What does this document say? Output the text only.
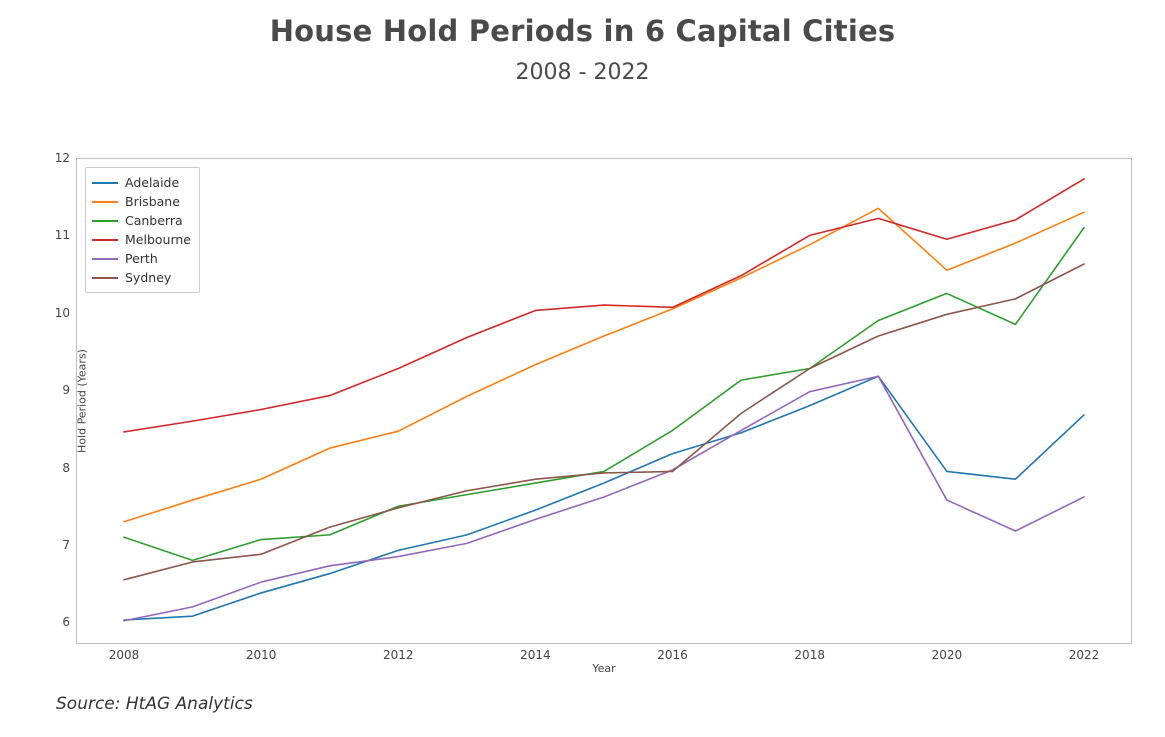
House Hold Periods in 6 Capital Cities
2008 - 2022
6
7
8
9
10
11
12
2008	2010	2012	2014	2016	2018	2020	2022
Hold Period (Years)
Year
Adelaide
Brisbane
Canberra
Melbourne
Perth
Sydney
Source: HtAG Analytics
